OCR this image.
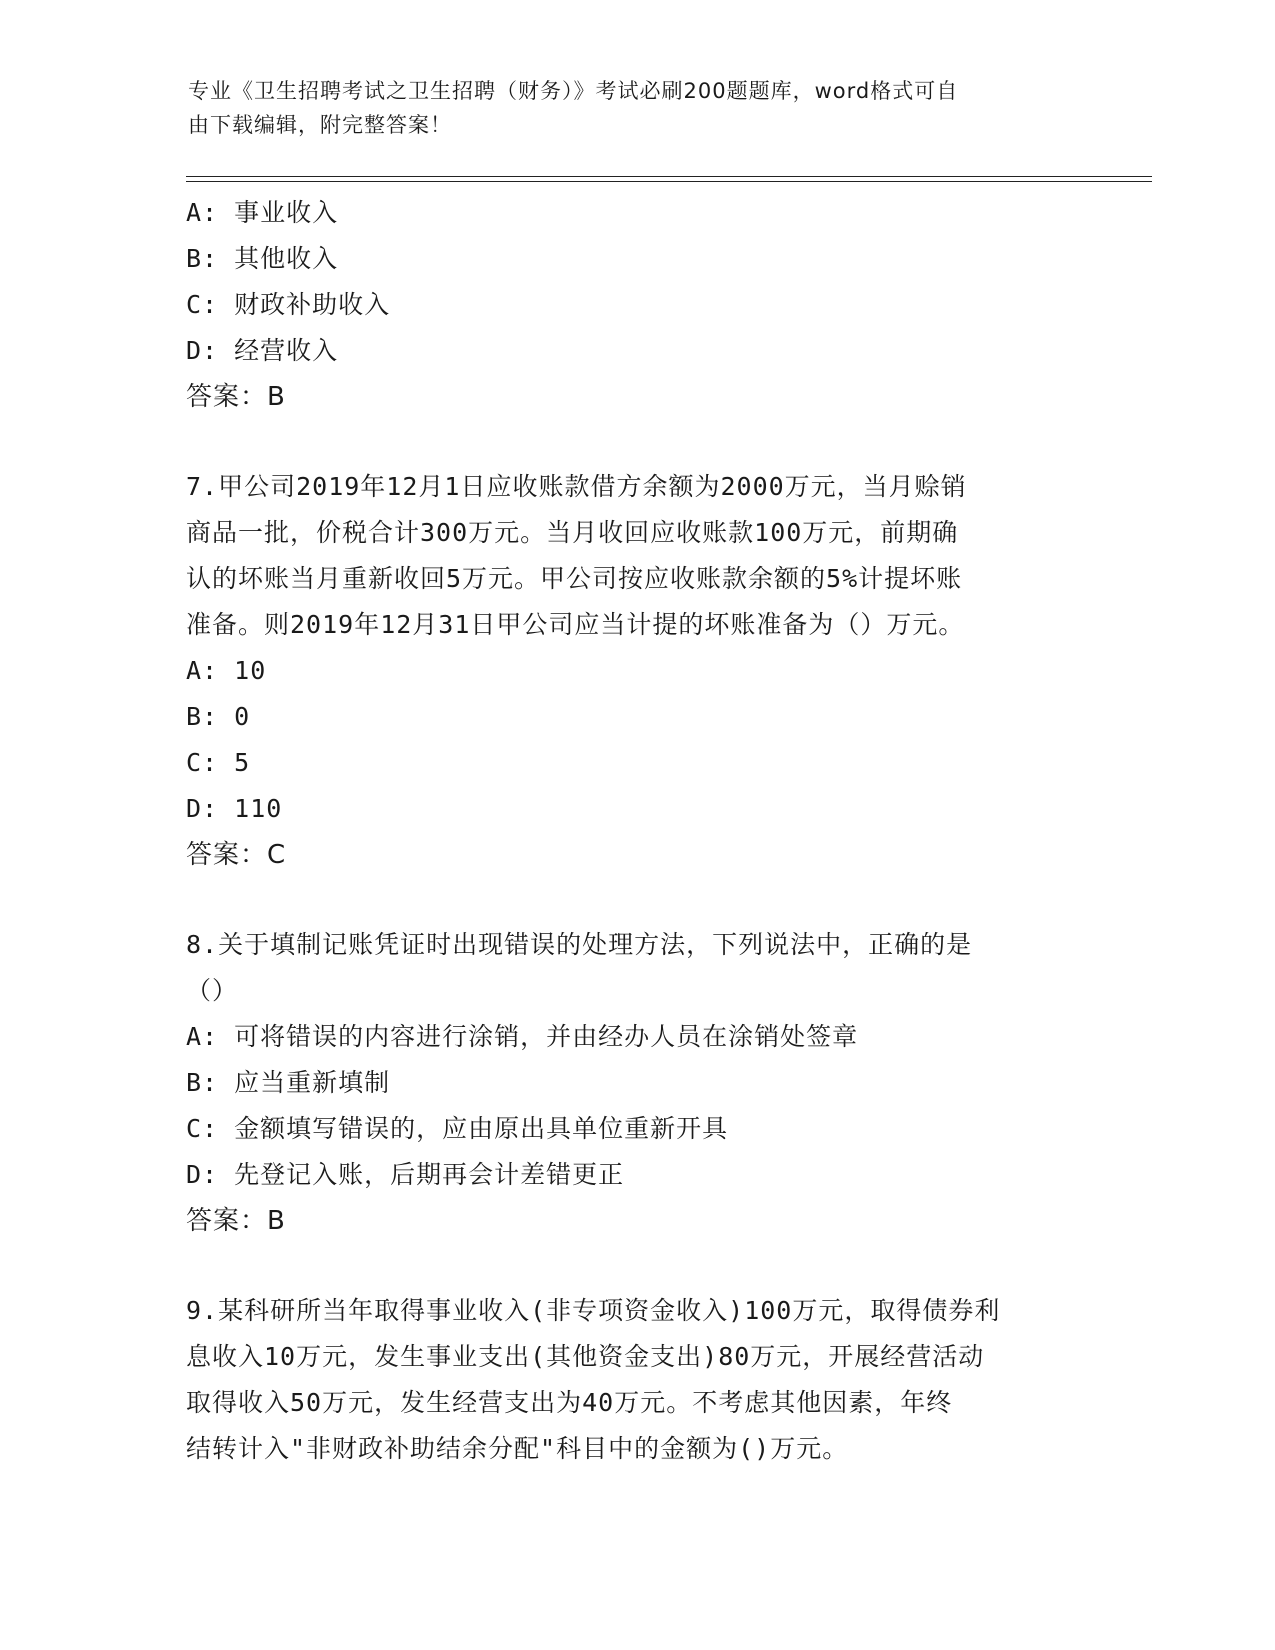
专业《卫生招聘考试之卫生招聘（财务）》考试必刷200题题库，word格式可自
由下载编辑，附完整答案！
A: 事业收入
B: 其他收入
C: 财政补助收入
D: 经营收入
答案：B
7.甲公司2019年12月1日应收账款借方余额为2000万元，当月赊销
商品一批，价税合计300万元。当月收回应收账款100万元，前期确
认的坏账当月重新收回5万元。甲公司按应收账款余额的5%计提坏账
准备。则2019年12月31日甲公司应当计提的坏账准备为（）万元。
A: 10
B: 0
C: 5
D: 110
答案：C
8.关于填制记账凭证时出现错误的处理方法，下列说法中，正确的是
（）
A: 可将错误的内容进行涂销，并由经办人员在涂销处签章
B: 应当重新填制
C: 金额填写错误的，应由原出具单位重新开具
D: 先登记入账，后期再会计差错更正
答案：B
9.某科研所当年取得事业收入(非专项资金收入)100万元，取得债券利
息收入10万元，发生事业支出(其他资金支出)80万元，开展经营活动
取得收入50万元，发生经营支出为40万元。不考虑其他因素，年终
结转计入"非财政补助结余分配"科目中的金额为()万元。
